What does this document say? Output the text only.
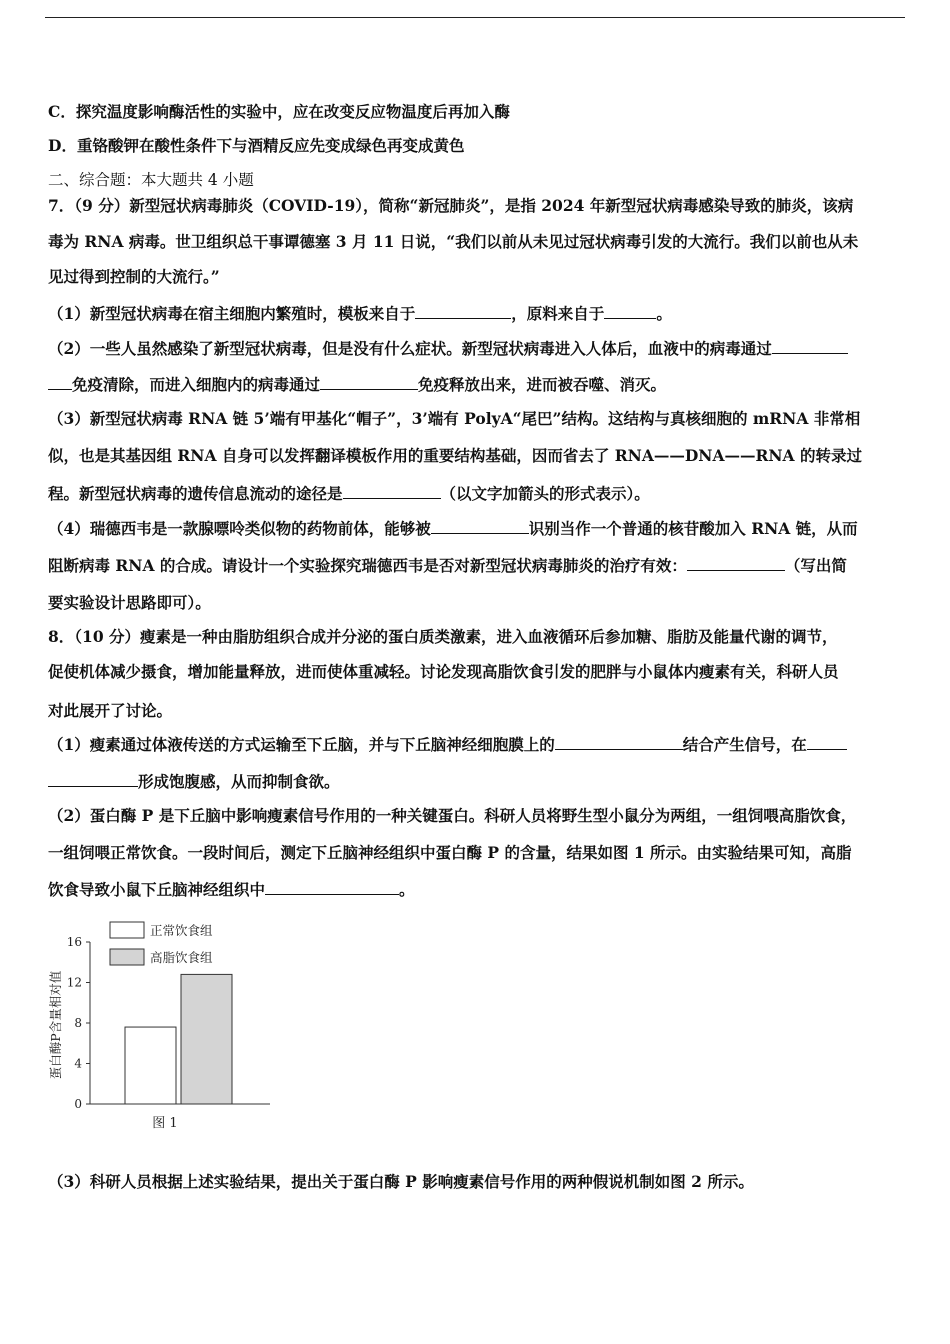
C．探究温度影响酶活性的实验中，应在改变反应物温度后再加入酶
D．重铬酸钾在酸性条件下与酒精反应先变成绿色再变成黄色
二、综合题：本大题共 4 小题
7．（9 分）新型冠状病毒肺炎（COVID-19），简称“新冠肺炎”，是指 2024 年新型冠状病毒感染导致的肺炎，该病
毒为 RNA 病毒。世卫组织总干事谭德塞 3 月 11 日说，“我们以前从未见过冠状病毒引发的大流行。我们以前也从未
见过得到控制的大流行。”
（1）新型冠状病毒在宿主细胞内繁殖时，模板来自于	，原料来自于	。
（2）一些人虽然感染了新型冠状病毒，但是没有什么症状。新型冠状病毒进入人体后，血液中的病毒通过
免疫清除，而进入细胞内的病毒通过	免疫释放出来，进而被吞噬、消灭。
（3）新型冠状病毒 RNA 链 5’端有甲基化“帽子”，3’端有 PolyA“尾巴”结构。这结构与真核细胞的 mRNA 非常相
似，也是其基因组 RNA 自身可以发挥翻译模板作用的重要结构基础，因而省去了 RNA——DNA——RNA 的转录过
程。新型冠状病毒的遗传信息流动的途径是	（以文字加箭头的形式表示）。
（4）瑞德西韦是一款腺嘌呤类似物的药物前体，能够被	识别当作一个普通的核苷酸加入 RNA 链，从而
阻断病毒 RNA 的合成。请设计一个实验探究瑞德西韦是否对新型冠状病毒肺炎的治疗有效：	（写出简
要实验设计思路即可）。
8．（10 分）瘦素是一种由脂肪组织合成并分泌的蛋白质类激素，进入血液循环后参加糖、脂肪及能量代谢的调节，
促使机体减少摄食，增加能量释放，进而使体重减轻。讨论发现高脂饮食引发的肥胖与小鼠体内瘦素有关，科研人员
对此展开了讨论。
（1）瘦素通过体液传送的方式运输至下丘脑，并与下丘脑神经细胞膜上的	结合产生信号，在
形成饱腹感，从而抑制食欲。
（2）蛋白酶 P 是下丘脑中影响瘦素信号作用的一种关键蛋白。科研人员将野生型小鼠分为两组，一组饲喂高脂饮食，
一组饲喂正常饮食。一段时间后，测定下丘脑神经组织中蛋白酶 P 的含量，结果如图 1 所示。由实验结果可知，高脂
饮食导致小鼠下丘脑神经组织中	。
正常饮食组
高脂饮食组
蛋白酶P含量相对值
0
4
8
12
16
图 1
（3）科研人员根据上述实验结果，提出关于蛋白酶 P 影响瘦素信号作用的两种假说机制如图 2 所示。
